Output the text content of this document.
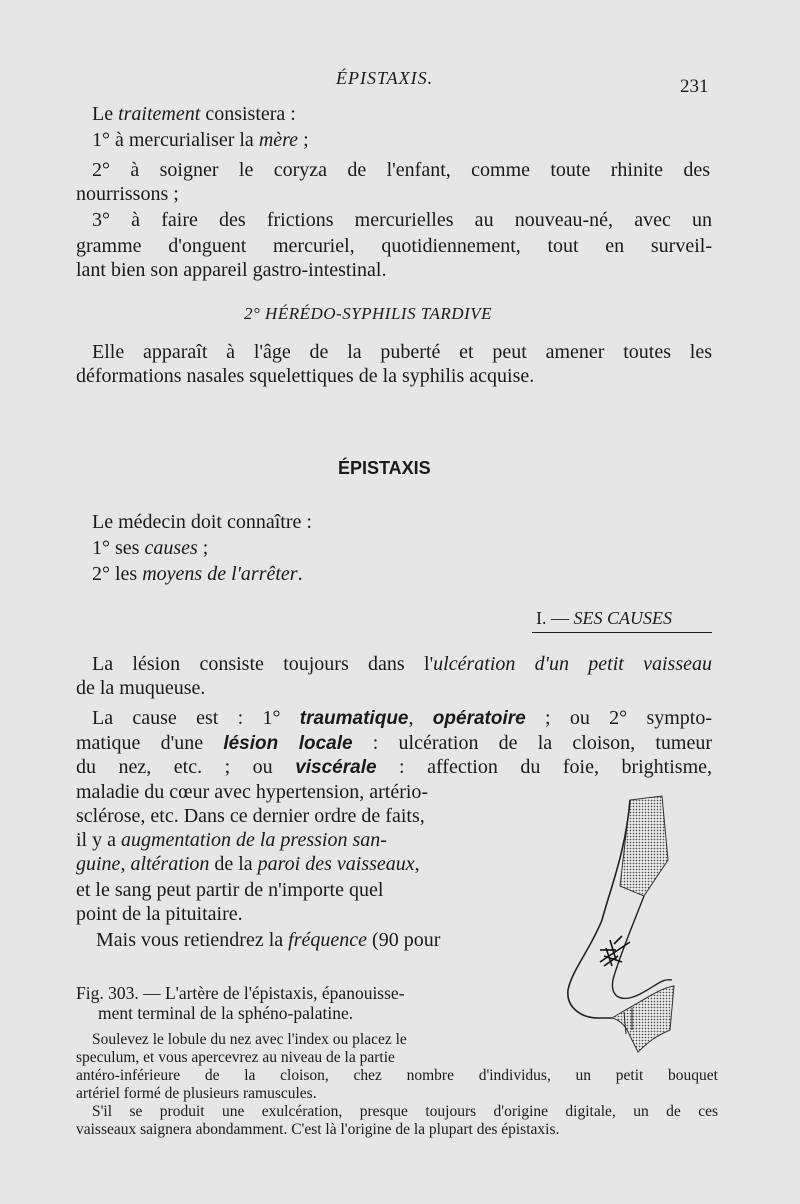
ÉPISTAXIS.	231
Le traitement consistera :
1° à mercurialiser la mère ;
2° à soigner le coryza de l'enfant, comme toute rhinite des
nourrissons ;
3° à faire des frictions mercurielles au nouveau-né, avec un
gramme d'onguent mercuriel, quotidiennement, tout en surveil-
lant bien son appareil gastro-intestinal.
2° HÉRÉDO-SYPHILIS TARDIVE
Elle apparaît à l'âge de la puberté et peut amener toutes les
déformations nasales squelettiques de la syphilis acquise.
ÉPISTAXIS
Le médecin doit connaître :
1° ses causes ;
2° les moyens de l'arrêter.
I. — SES CAUSES
La lésion consiste toujours dans l'ulcération d'un petit vaisseau
de la muqueuse.
La cause est : 1° traumatique, opératoire ; ou 2° sympto-
matique d'une lésion locale : ulcération de la cloison, tumeur
du nez, etc. ; ou viscérale : affection du foie, brightisme,
maladie du cœur avec hypertension, artério-
sclérose, etc. Dans ce dernier ordre de faits,
il y a augmentation de la pression san-
guine, altération de la paroi des vaisseaux,
et le sang peut partir de n'importe quel
point de la pituitaire.
Mais vous retiendrez la fréquence (90 pour
Fig. 303. — L'artère de l'épistaxis, épanouisse-
ment terminal de la sphéno-palatine.
Soulevez le lobule du nez avec l'index ou placez le
speculum, et vous apercevrez au niveau de la partie
antéro-inférieure de la cloison, chez nombre d'individus, un petit bouquet
artériel formé de plusieurs ramuscules.
S'il se produit une exulcération, presque toujours d'origine digitale, un de ces
vaisseaux saignera abondamment. C'est là l'origine de la plupart des épistaxis.
